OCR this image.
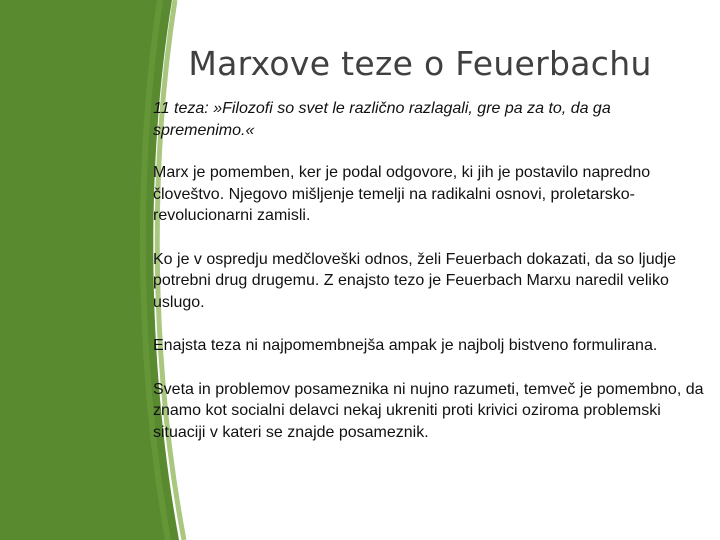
Marxove teze o Feuerbachu

11 teza: »Filozofi so svet le različno razlagali, gre pa za to, da ga spremenimo.«

Marx je pomemben, ker je podal odgovore, ki jih je postavilo napredno človeštvo. Njegovo mišljenje temelji na radikalni osnovi, proletarsko-revolucionarni zamisli.

Ko je v ospredju medčloveški odnos, želi Feuerbach dokazati, da so ljudje potrebni drug drugemu. Z enajsto tezo je Feuerbach Marxu naredil veliko uslugo.

Enajsta teza ni najpomembnejša ampak je najbolj bistveno formulirana.

Sveta in problemov posameznika ni nujno razumeti, temveč je pomembno, da znamo kot socialni delavci nekaj ukreniti proti krivici oziroma problemski situaciji v kateri se znajde posameznik.
